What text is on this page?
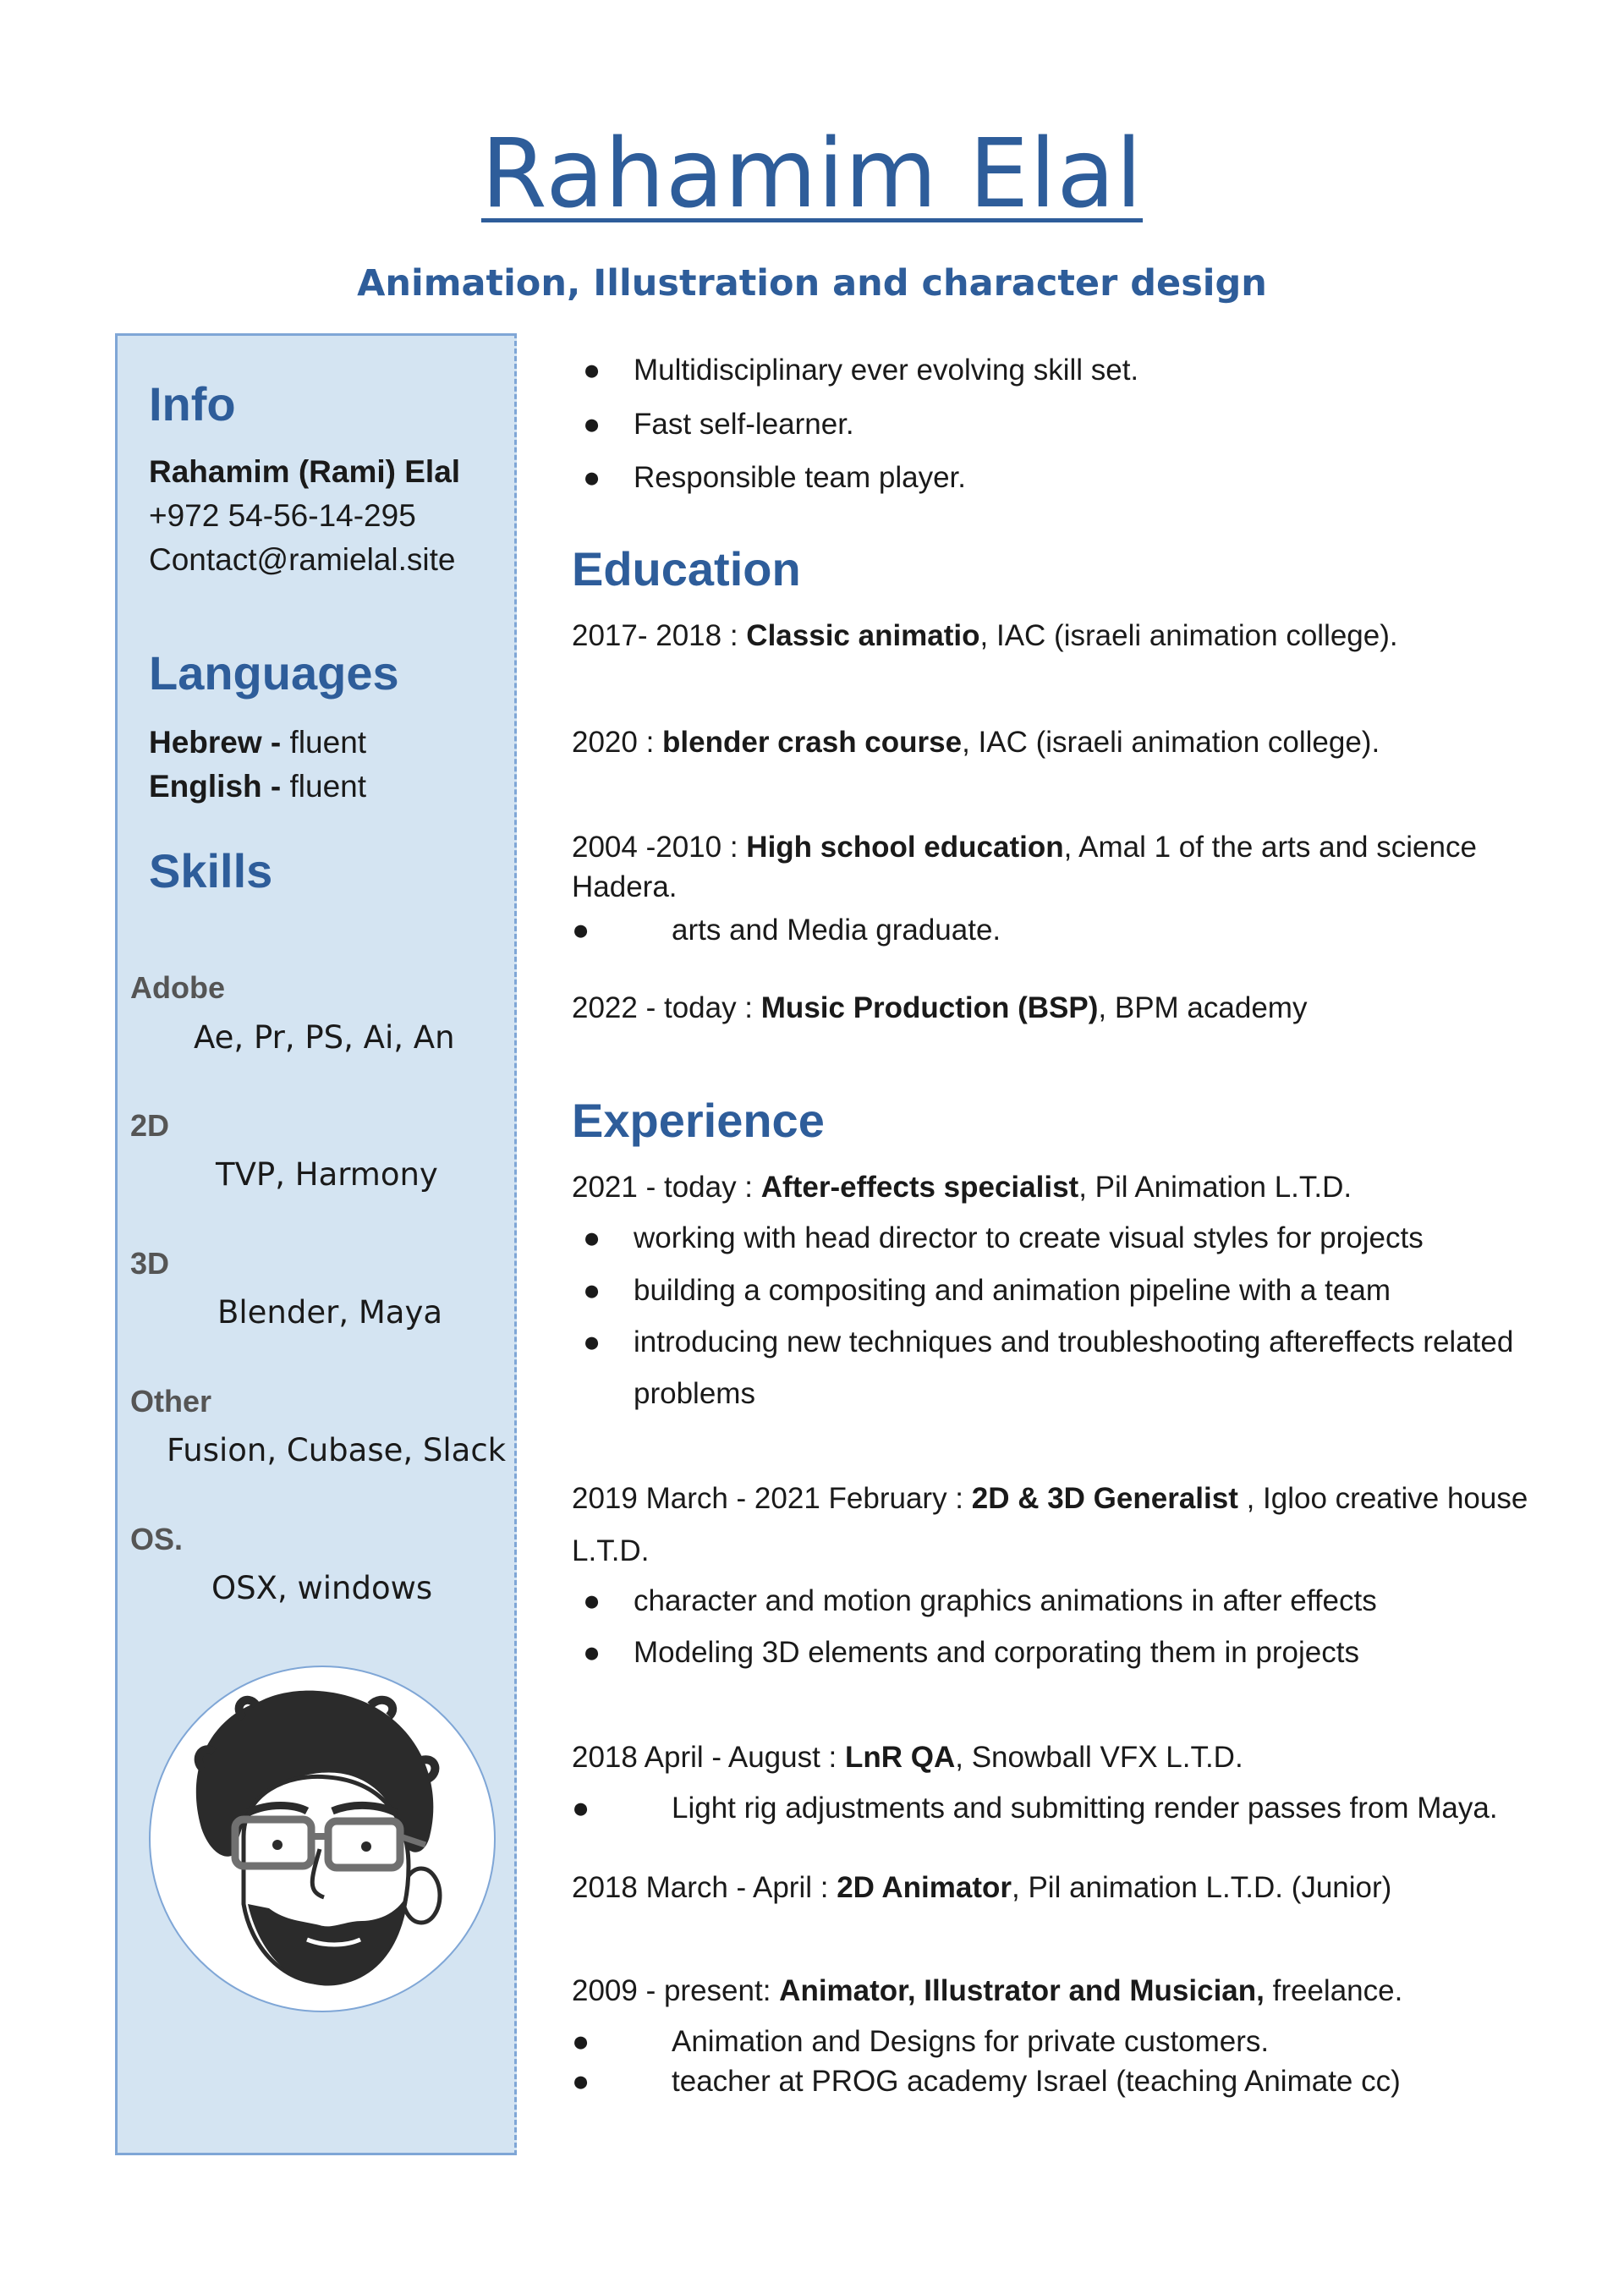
Rahamim Elal
Animation, Illustration and character design
Info
Rahamim (Rami) Elal
+972 54-56-14-295
Contact@ramielal.site
Languages
Hebrew - fluent
English - fluent
Skills
Adobe
Ae, Pr, PS, Ai, An
2D
TVP, Harmony
3D
Blender, Maya
Other
Fusion, Cubase, Slack
OS.
OSX, windows
● Multidisciplinary ever evolving skill set.
● Fast self-learner.
● Responsible team player.
Education
2017- 2018 : Classic animatio, IAC (israeli animation college).
2020 : blender crash course, IAC (israeli animation college).
2004 -2010 : High school education, Amal 1 of the arts and science
Hadera.
●	arts and Media graduate.
2022 - today : Music Production (BSP), BPM academy
Experience
2021 - today : After-effects specialist, Pil Animation L.T.D.
● working with head director to create visual styles for projects
● building a compositing and animation pipeline with a team
● introducing new techniques and troubleshooting aftereffects related
problems
2019 March - 2021 February : 2D & 3D Generalist , Igloo creative house
L.T.D.
● character and motion graphics animations in after effects
● Modeling 3D elements and corporating them in projects
2018 April - August : LnR QA, Snowball VFX L.T.D.
●	Light rig adjustments and submitting render passes from Maya.
2018 March - April : 2D Animator, Pil animation L.T.D. (Junior)
2009 - present: Animator, Illustrator and Musician, freelance.
●	Animation and Designs for private customers.
●	teacher at PROG academy Israel (teaching Animate cc)
